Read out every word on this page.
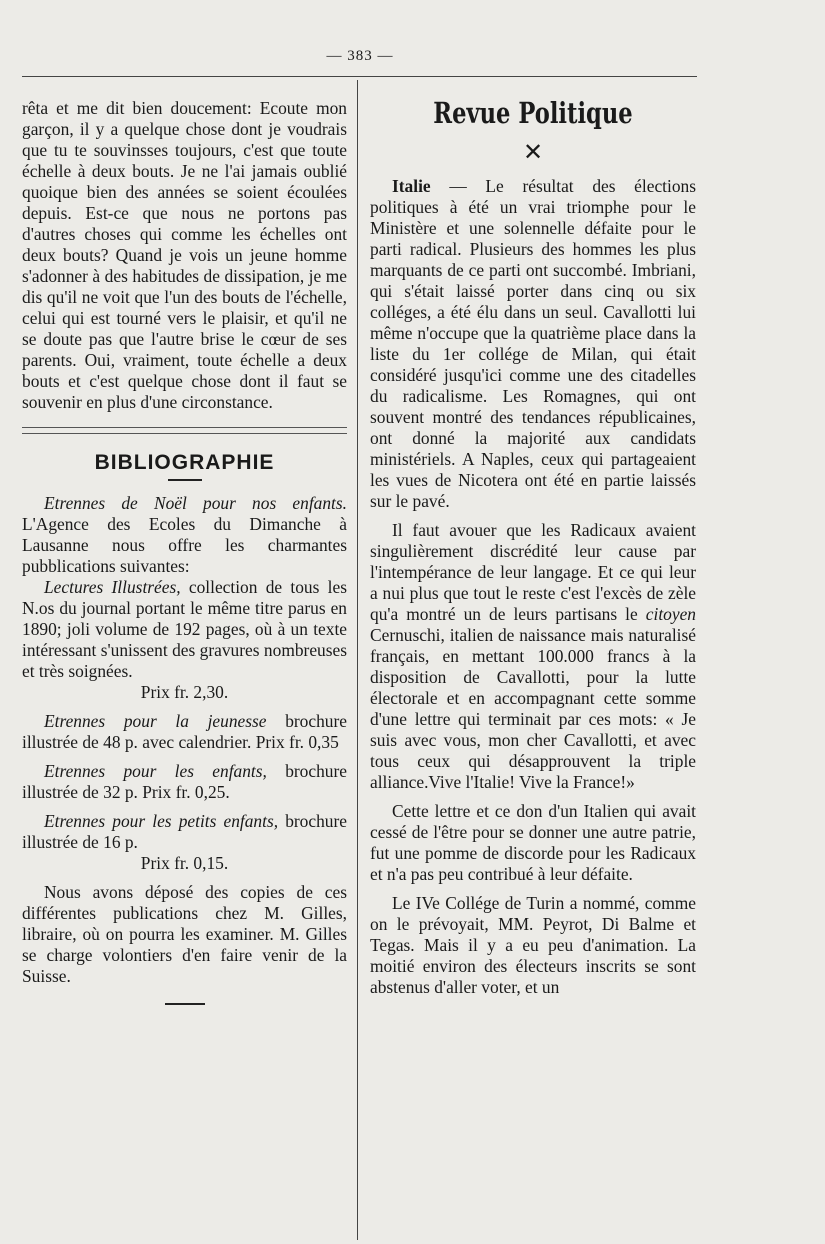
— 383 —

rêta et me dit bien doucement: Ecoute mon garçon, il y a quelque chose dont je voudrais que tu te souvinsses toujours, c'est que toute échelle à deux bouts. Je ne l'ai jamais oublié quoique bien des années se soient écoulées depuis. Est-ce que nous ne portons pas d'autres choses qui comme les échelles ont deux bouts? Quand je vois un jeune homme s'adonner à des habitudes de dissipation, je me dis qu'il ne voit que l'un des bouts de l'échelle, celui qui est tourné vers le plaisir, et qu'il ne se doute pas que l'autre brise le cœur de ses parents. Oui, vraiment, toute échelle a deux bouts et c'est quelque chose dont il faut se souvenir en plus d'une circonstance.

BIBLIOGRAPHIE

Etrennes de Noël pour nos enfants. L'Agence des Ecoles du Dimanche à Lausanne nous offre les charmantes pubblications suivantes:

Lectures Illustrées, collection de tous les N.os du journal portant le même titre parus en 1890; joli volume de 192 pages, où à un texte intéressant s'unissent des gravures nombreuses et très soignées.

Prix fr. 2,30.

Etrennes pour la jeunesse brochure illustrée de 48 p. avec calendrier. Prix fr. 0,35

Etrennes pour les enfants, brochure illustrée de 32 p. Prix fr. 0,25.

Etrennes pour les petits enfants, brochure illustrée de 16 p.

Prix fr. 0,15.

Nous avons déposé des copies de ces différentes publications chez M. Gilles, libraire, où on pourra les examiner. M. Gilles se charge volontiers d'en faire venir de la Suisse.

Revue Politique
✕

Italie — Le résultat des élections politiques à été un vrai triomphe pour le Ministère et une solennelle défaite pour le parti radical. Plusieurs des hommes les plus marquants de ce parti ont succombé. Imbriani, qui s'était laissé porter dans cinq ou six colléges, a été élu dans un seul. Cavallotti lui même n'occupe que la quatrième place dans la liste du 1er collége de Milan, qui était considéré jusqu'ici comme une des citadelles du radicalisme. Les Romagnes, qui ont souvent montré des tendances républicaines, ont donné la majorité aux candidats ministériels. A Naples, ceux qui partageaient les vues de Nicotera ont été en partie laissés sur le pavé.

Il faut avouer que les Radicaux avaient singulièrement discrédité leur cause par l'intempérance de leur langage. Et ce qui leur a nui plus que tout le reste c'est l'excès de zèle qu'a montré un de leurs partisans le citoyen Cernuschi, italien de naissance mais naturalisé français, en mettant 100.000 francs à la disposition de Cavallotti, pour la lutte électorale et en accompagnant cette somme d'une lettre qui terminait par ces mots: « Je suis avec vous, mon cher Cavallotti, et avec tous ceux qui désapprouvent la triple alliance.Vive l'Italie! Vive la France!»

Cette lettre et ce don d'un Italien qui avait cessé de l'être pour se donner une autre patrie, fut une pomme de discorde pour les Radicaux et n'a pas peu contribué à leur défaite.

Le IVe Collége de Turin a nommé, comme on le prévoyait, MM. Peyrot, Di Balme et Tegas. Mais il y a eu peu d'animation. La moitié environ des électeurs inscrits se sont abstenus d'aller voter, et un
